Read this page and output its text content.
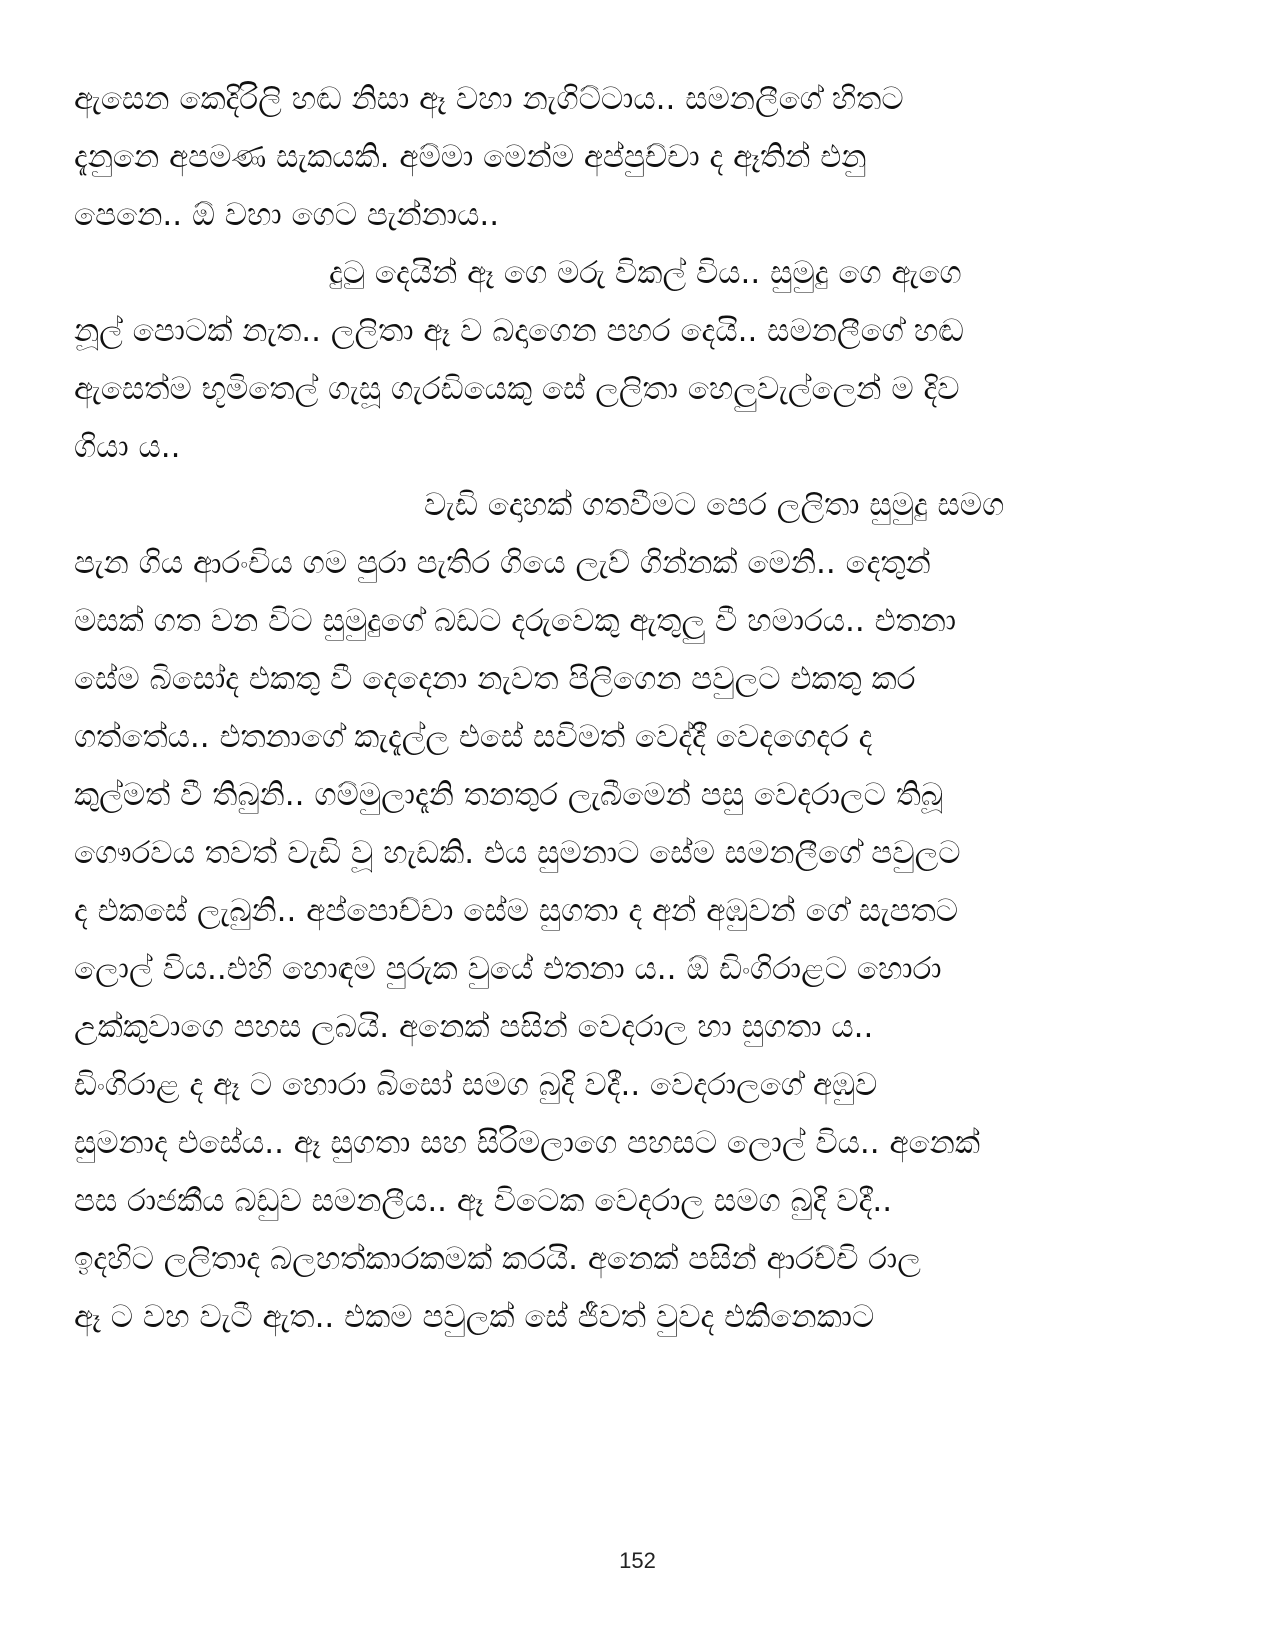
ඇසෙන කෙදිරිලි හඬ නිසා ඈ වහා නැගිට්ටාය.. සමනලීගේ හිතට
දැනුනෙ අපමණ සැකයකි. අම්මා මෙන්ම අප්පුච්චා ද ඈතින් එනු
පෙනෙ.. ඕ වහා ගෙට පැන්නාය..
දුටු දෙයින් ඈ ගෙ මරු විකල් විය.. සුමුදු ගෙ ඇගෙ
නූල් පොටක් නැත.. ලලිතා ඈ ව බදාගෙන පහර දෙයි.. සමනලීගේ හඬ
ඇසෙත්ම භූමිතෙල් ගැසූ ගැරඩියෙකු සේ ලලිතා හෙලුවැල්ලෙන් ම දිව
ගියා ය..
වැඩි දොහක් ගතවීමට පෙර ලලිතා සුමුදු සමග
පැන ගිය ආරංචිය ගම පුරා පැතිර ගියෙ ලැව් ගින්නක් මෙනි.. දෙතුන්
මසක් ගත වන විට සුමුදුගේ බඩට දරුවෙකු ඇතුලු වී හමාරය.. එතනා
සේම බිසෝද එකතු වී දෙදෙනා නැවත පිලිගෙන පවුලට එකතු කර
ගත්තේය.. එතනාගේ කැදැල්ල එසේ සවිමත් වෙද්දී වෙදගෙදර ද
කුල්මත් වී තිබුනි.. ගම්මුලාදෑනි තනතුර ලැබීමෙන් පසු වෙදරාලට තිබූ
ගෞරවය තවත් වැඩි වූ හැඩකි. එය සුමනාට සේම සමනලීගේ පවුලට
ද එකසේ ලැබුනි.. අප්පොච්චා සේම සුගතා ද අන් අඹුවන් ගේ සැපතට
ලොල් විය..එහි හොඳම පුරුක වුයේ එතනා ය.. ඕ ඩිංගිරාළට හොරා
උක්කුවාගෙ පහස ලබයි. අනෙක් පසින් වෙදරාල හා සුගතා ය..
ඩිංගිරාළ ද ඈ ට හොරා බිසෝ සමග බුදි වදී.. වෙදරාලගේ අඹුව
සුමනාද එසේය.. ඈ සුගතා සහ සිරිමලාගෙ පහසට ලොල් විය.. අනෙක්
පස රාජකීය බඩුව සමනලීය.. ඈ විටෙක වෙදරාල සමග බුදි වදී..
ඉදහිට ලලිතාද බලහත්කාරකමක් කරයි. අනෙක් පසින් ආරච්චි රාල
ඈ ට වහ වැටී ඇත.. එකම පවුලක් සේ ජීවත් වුවද එකිනෙකාට
152
